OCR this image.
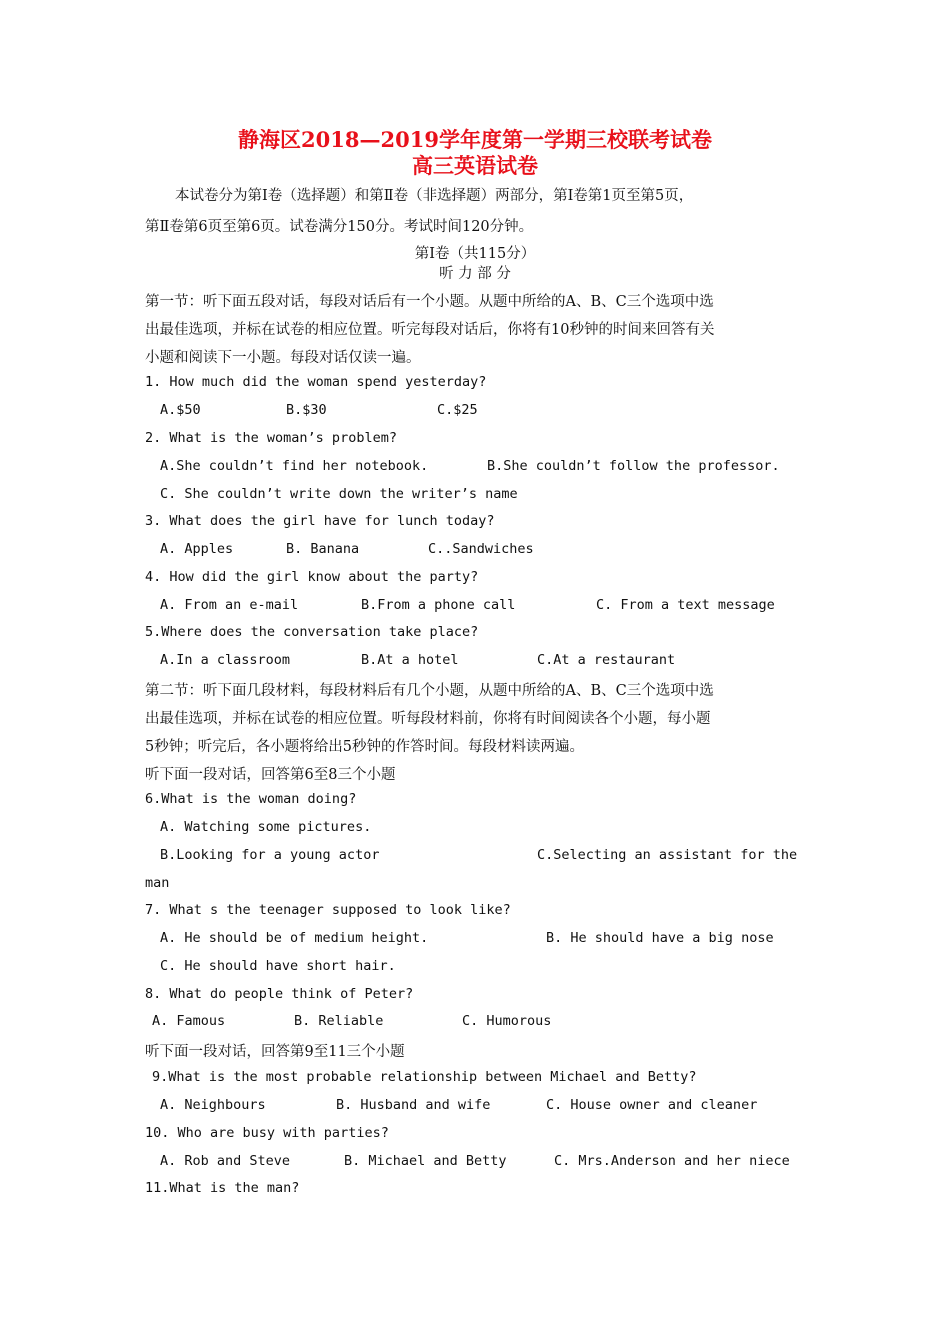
静海区2018—2019学年度第一学期三校联考试卷
高三英语试卷
本试卷分为第Ⅰ卷（选择题）和第Ⅱ卷（非选择题）两部分，第Ⅰ卷第1页至第5页，
第Ⅱ卷第6页至第6页。试卷满分150分。考试时间120分钟。
第Ⅰ卷（共115分）
听 力 部 分
第一节：听下面五段对话，每段对话后有一个小题。从题中所给的A、B、C三个选项中选
出最佳选项，并标在试卷的相应位置。听完每段对话后，你将有10秒钟的时间来回答有关
小题和阅读下一小题。每段对话仅读一遍。
1. How much did the woman spend yesterday?
A.$50	B.$30	C.$25
2. What is the woman’s problem?
A.She couldn’t find her notebook.	B.She couldn’t follow the professor.
C. She couldn’t write down the writer’s name
3. What does the girl have for lunch today?
A. Apples	B. Banana	C..Sandwiches
4. How did the girl know about the party?
A. From an e-mail	B.From a phone call	C. From a text message
5.Where does the conversation take place?
A.In a classroom	B.At a hotel	C.At a restaurant
第二节：听下面几段材料，每段材料后有几个小题，从题中所给的A、B、C三个选项中选
出最佳选项，并标在试卷的相应位置。听每段材料前，你将有时间阅读各个小题，每小题
5秒钟；听完后，各小题将给出5秒钟的作答时间。每段材料读两遍。
听下面一段对话，回答第6至8三个小题
6.What is the woman doing?
A. Watching some pictures.
B.Looking for a young actor	C.Selecting an assistant for the
man
7. What s the teenager supposed to look like?
A. He should be of medium height.	B. He should have a big nose
C. He should have short hair.
8. What do people think of Peter?
A. Famous	B. Reliable	C. Humorous
听下面一段对话，回答第9至11三个小题
9.What is the most probable relationship between Michael and Betty?
A. Neighbours	B. Husband and wife	C. House owner and cleaner
10. Who are busy with parties?
A. Rob and Steve	B. Michael and Betty	C. Mrs.Anderson and her niece
11.What is the man?
